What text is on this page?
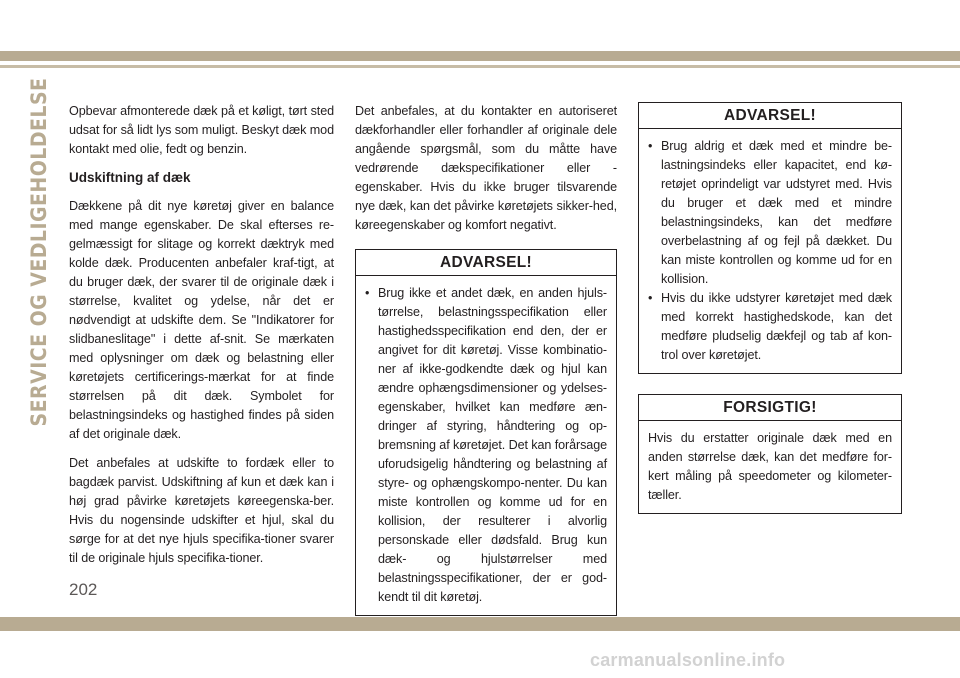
SERVICE OG VEDLIGEHOLDELSE Opbevar afmonterede dæk på et køligt, tørt sted udsat for så lidt lys som muligt. Beskyt dæk mod kontakt med olie, fedt og benzin.

Udskiftning af dæk

Dækkene på dit nye køretøj giver en balance med mange egenskaber. De skal efterses re-gelmæssigt for slitage og korrekt dæktryk med kolde dæk. Producenten anbefaler kraf-tigt, at du bruger dæk, der svarer til de originale dæk i størrelse, kvalitet og ydelse, når det er nødvendigt at udskifte dem. Se "Indikatorer for slidbaneslitage" i dette af-snit. Se mærkaten med oplysninger om dæk og belastning eller køretøjets certificerings-mærkat for at finde størrelsen på dit dæk. Symbolet for belastningsindeks og hastighed findes på siden af det originale dæk.

Det anbefales at udskifte to fordæk eller to bagdæk parvist. Udskiftning af kun et dæk kan i høj grad påvirke køretøjets køreegenska-ber. Hvis du nogensinde udskifter et hjul, skal du sørge for at det nye hjuls specifika-tioner svarer til de originale hjuls specifika-tioner.

Det anbefales, at du kontakter en autoriseret dækforhandler eller forhandler af originale dele angående spørgsmål, som du måtte have vedrørende dækspecifikationer eller -egenskaber. Hvis du ikke bruger tilsvarende nye dæk, kan det påvirke køretøjets sikker-hed, køreegenskaber og komfort negativt.

ADVARSEL!
• Brug ikke et andet dæk, en anden hjuls-tørrelse, belastningsspecifikation eller hastighedsspecifikation end den, der er angivet for dit køretøj. Visse kombinatio-ner af ikke-godkendte dæk og hjul kan ændre ophængsdimensioner og ydelses-egenskaber, hvilket kan medføre æn-dringer af styring, håndtering og op-bremsning af køretøjet. Det kan forårsage uforudsigelig håndtering og belastning af styre- og ophængskompo-nenter. Du kan miste kontrollen og komme ud for en kollision, der resulterer i alvorlig personskade eller dødsfald. Brug kun dæk- og hjulstørrelser med belastningsspecifikationer, der er god-kendt til dit køretøj.
ADVARSEL!
• Brug aldrig et dæk med et mindre be-lastningsindeks eller kapacitet, end kø-retøjet oprindeligt var udstyret med. Hvis du bruger et dæk med et mindre belastningsindeks, kan det medføre overbelastning af og fejl på dækket. Du kan miste kontrollen og komme ud for en kollision.
• Hvis du ikke udstyrer køretøjet med dæk med korrekt hastighedskode, kan det medføre pludselig dækfejl og tab af kon-trol over køretøjet.
FORSIGTIG!

Hvis du erstatter originale dæk med en anden størrelse dæk, kan det medføre for-kert måling på speedometer og kilometer-tæller.

202
carmanualsonline.info
